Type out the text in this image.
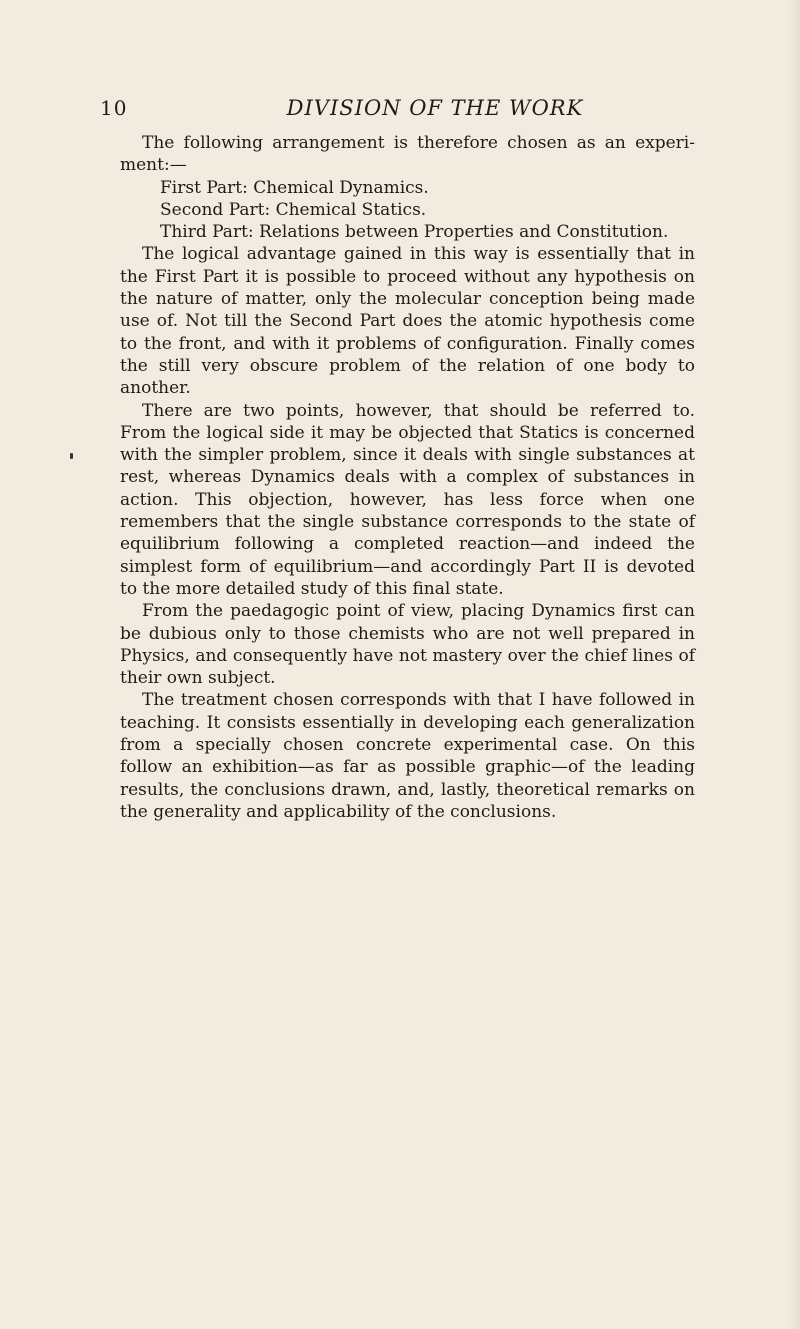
10	DIVISION OF THE WORK

The following arrangement is therefore chosen as an experiment:—

First Part: Chemical Dynamics.
Second Part: Chemical Statics.
Third Part: Relations between Properties and Constitution.

The logical advantage gained in this way is essentially that in the First Part it is possible to proceed without any hypothesis on the nature of matter, only the molecular conception being made use of. Not till the Second Part does the atomic hypothesis come to the front, and with it problems of configuration. Finally comes the still very obscure problem of the relation of one body to another.

There are two points, however, that should be referred to. From the logical side it may be objected that Statics is concerned with the simpler problem, since it deals with single substances at rest, whereas Dynamics deals with a complex of substances in action. This objection, however, has less force when one remembers that the single substance corresponds to the state of equilibrium following a completed reaction—and indeed the simplest form of equilibrium—and accordingly Part II is devoted to the more detailed study of this final state.

From the paedagogic point of view, placing Dynamics first can be dubious only to those chemists who are not well prepared in Physics, and consequently have not mastery over the chief lines of their own subject.

The treatment chosen corresponds with that I have followed in teaching. It consists essentially in developing each generalization from a specially chosen concrete experimental case. On this follow an exhibition—as far as possible graphic—of the leading results, the conclusions drawn, and, lastly, theoretical remarks on the generality and applicability of the conclusions.
